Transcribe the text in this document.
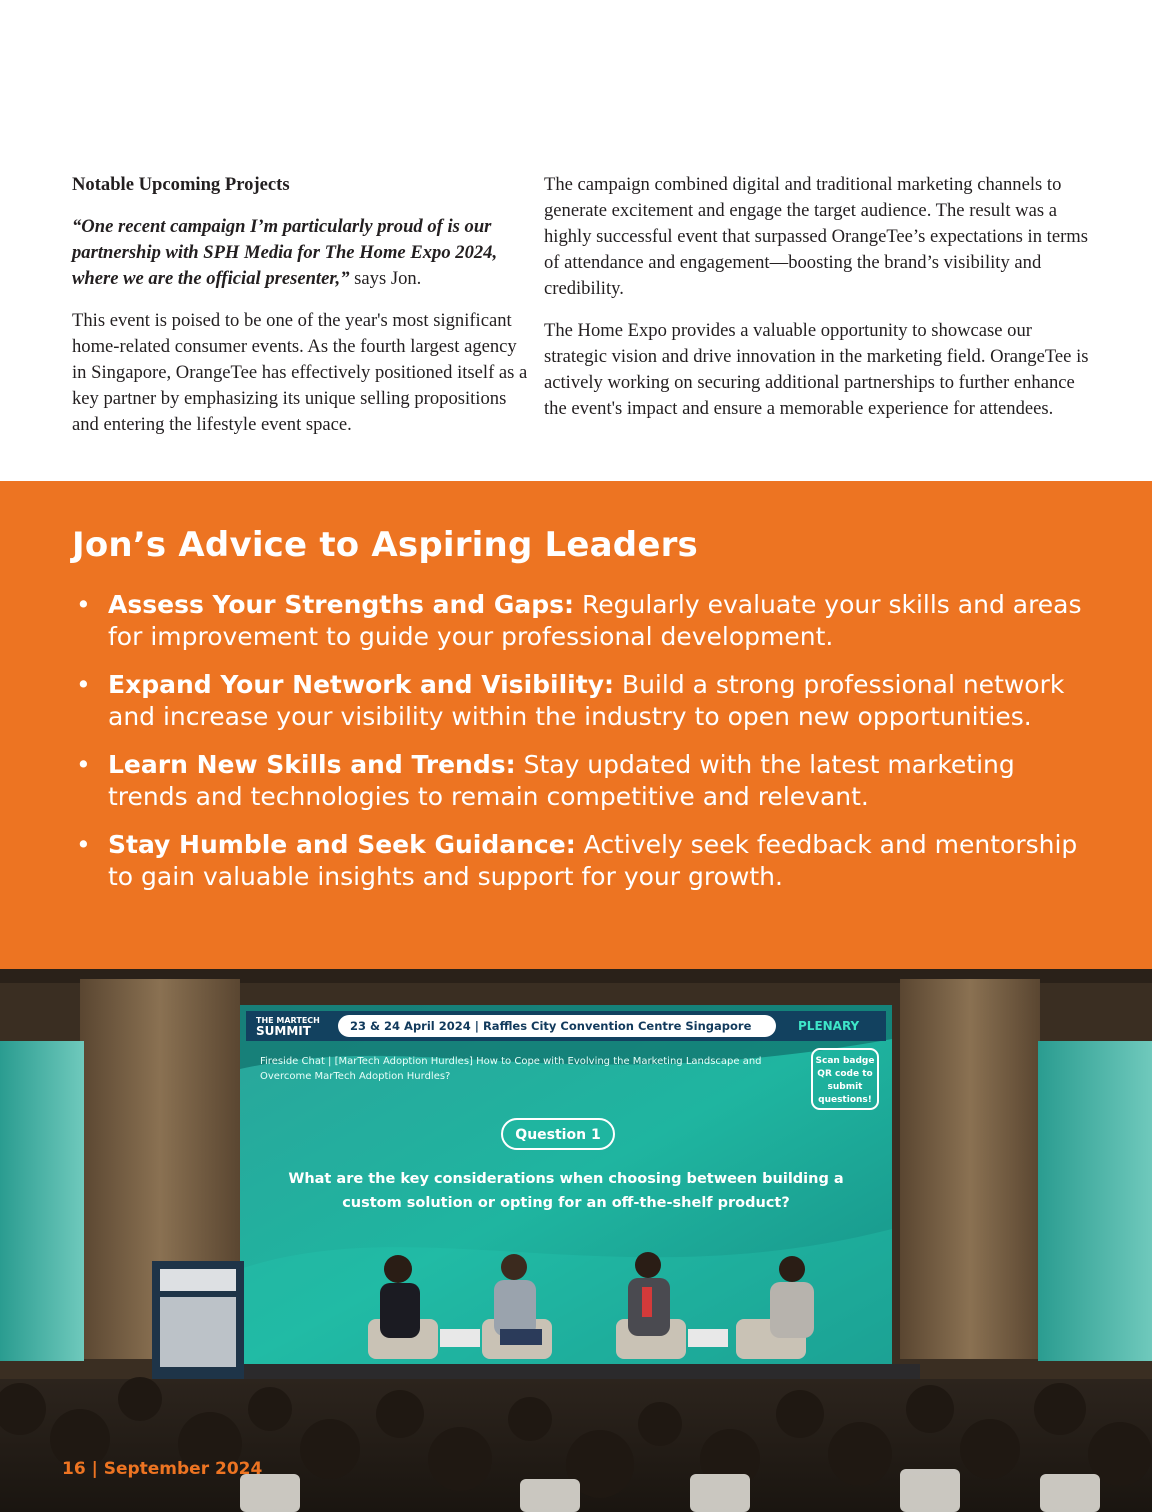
Notable Upcoming Projects

“One recent campaign I’m particularly proud of is our partnership with SPH Media for The Home Expo 2024, where we are the official presenter,” says Jon.

This event is poised to be one of the year's most significant home-related consumer events. As the fourth largest agency in Singapore, OrangeTee has effectively positioned itself as a key partner by emphasizing its unique selling propositions and entering the lifestyle event space.

The campaign combined digital and traditional marketing channels to generate excitement and engage the target audience. The result was a highly successful event that surpassed OrangeTee’s expectations in terms of attendance and engagement—boosting the brand’s visibility and credibility.

The Home Expo provides a valuable opportunity to showcase our strategic vision and drive innovation in the marketing field. OrangeTee is actively working on securing additional partnerships to further enhance the event's impact and ensure a memorable experience for attendees.

Jon’s Advice to Aspiring Leaders
• Assess Your Strengths and Gaps: Regularly evaluate your skills and areas for improvement to guide your professional development.
• Expand Your Network and Visibility: Build a strong professional network and increase your visibility within the industry to open new opportunities.
• Learn New Skills and Trends: Stay updated with the latest marketing trends and technologies to remain competitive and relevant.
• Stay Humble and Seek Guidance: Actively seek feedback and mentorship to gain valuable insights and support for your growth.
THE MARTECH
SUMMIT	23 & 24 April 2024 | Raffles City Convention Centre Singapore	PLENARY
Fireside Chat | [MarTech Adoption Hurdles] How to Cope with Evolving the Marketing Landscape and
Overcome MarTech Adoption Hurdles?
Scan badge
QR code to
submit
questions!
Question 1
What are the key considerations when choosing between building a
custom solution or opting for an off-the-shelf product?
16 | September 2024
